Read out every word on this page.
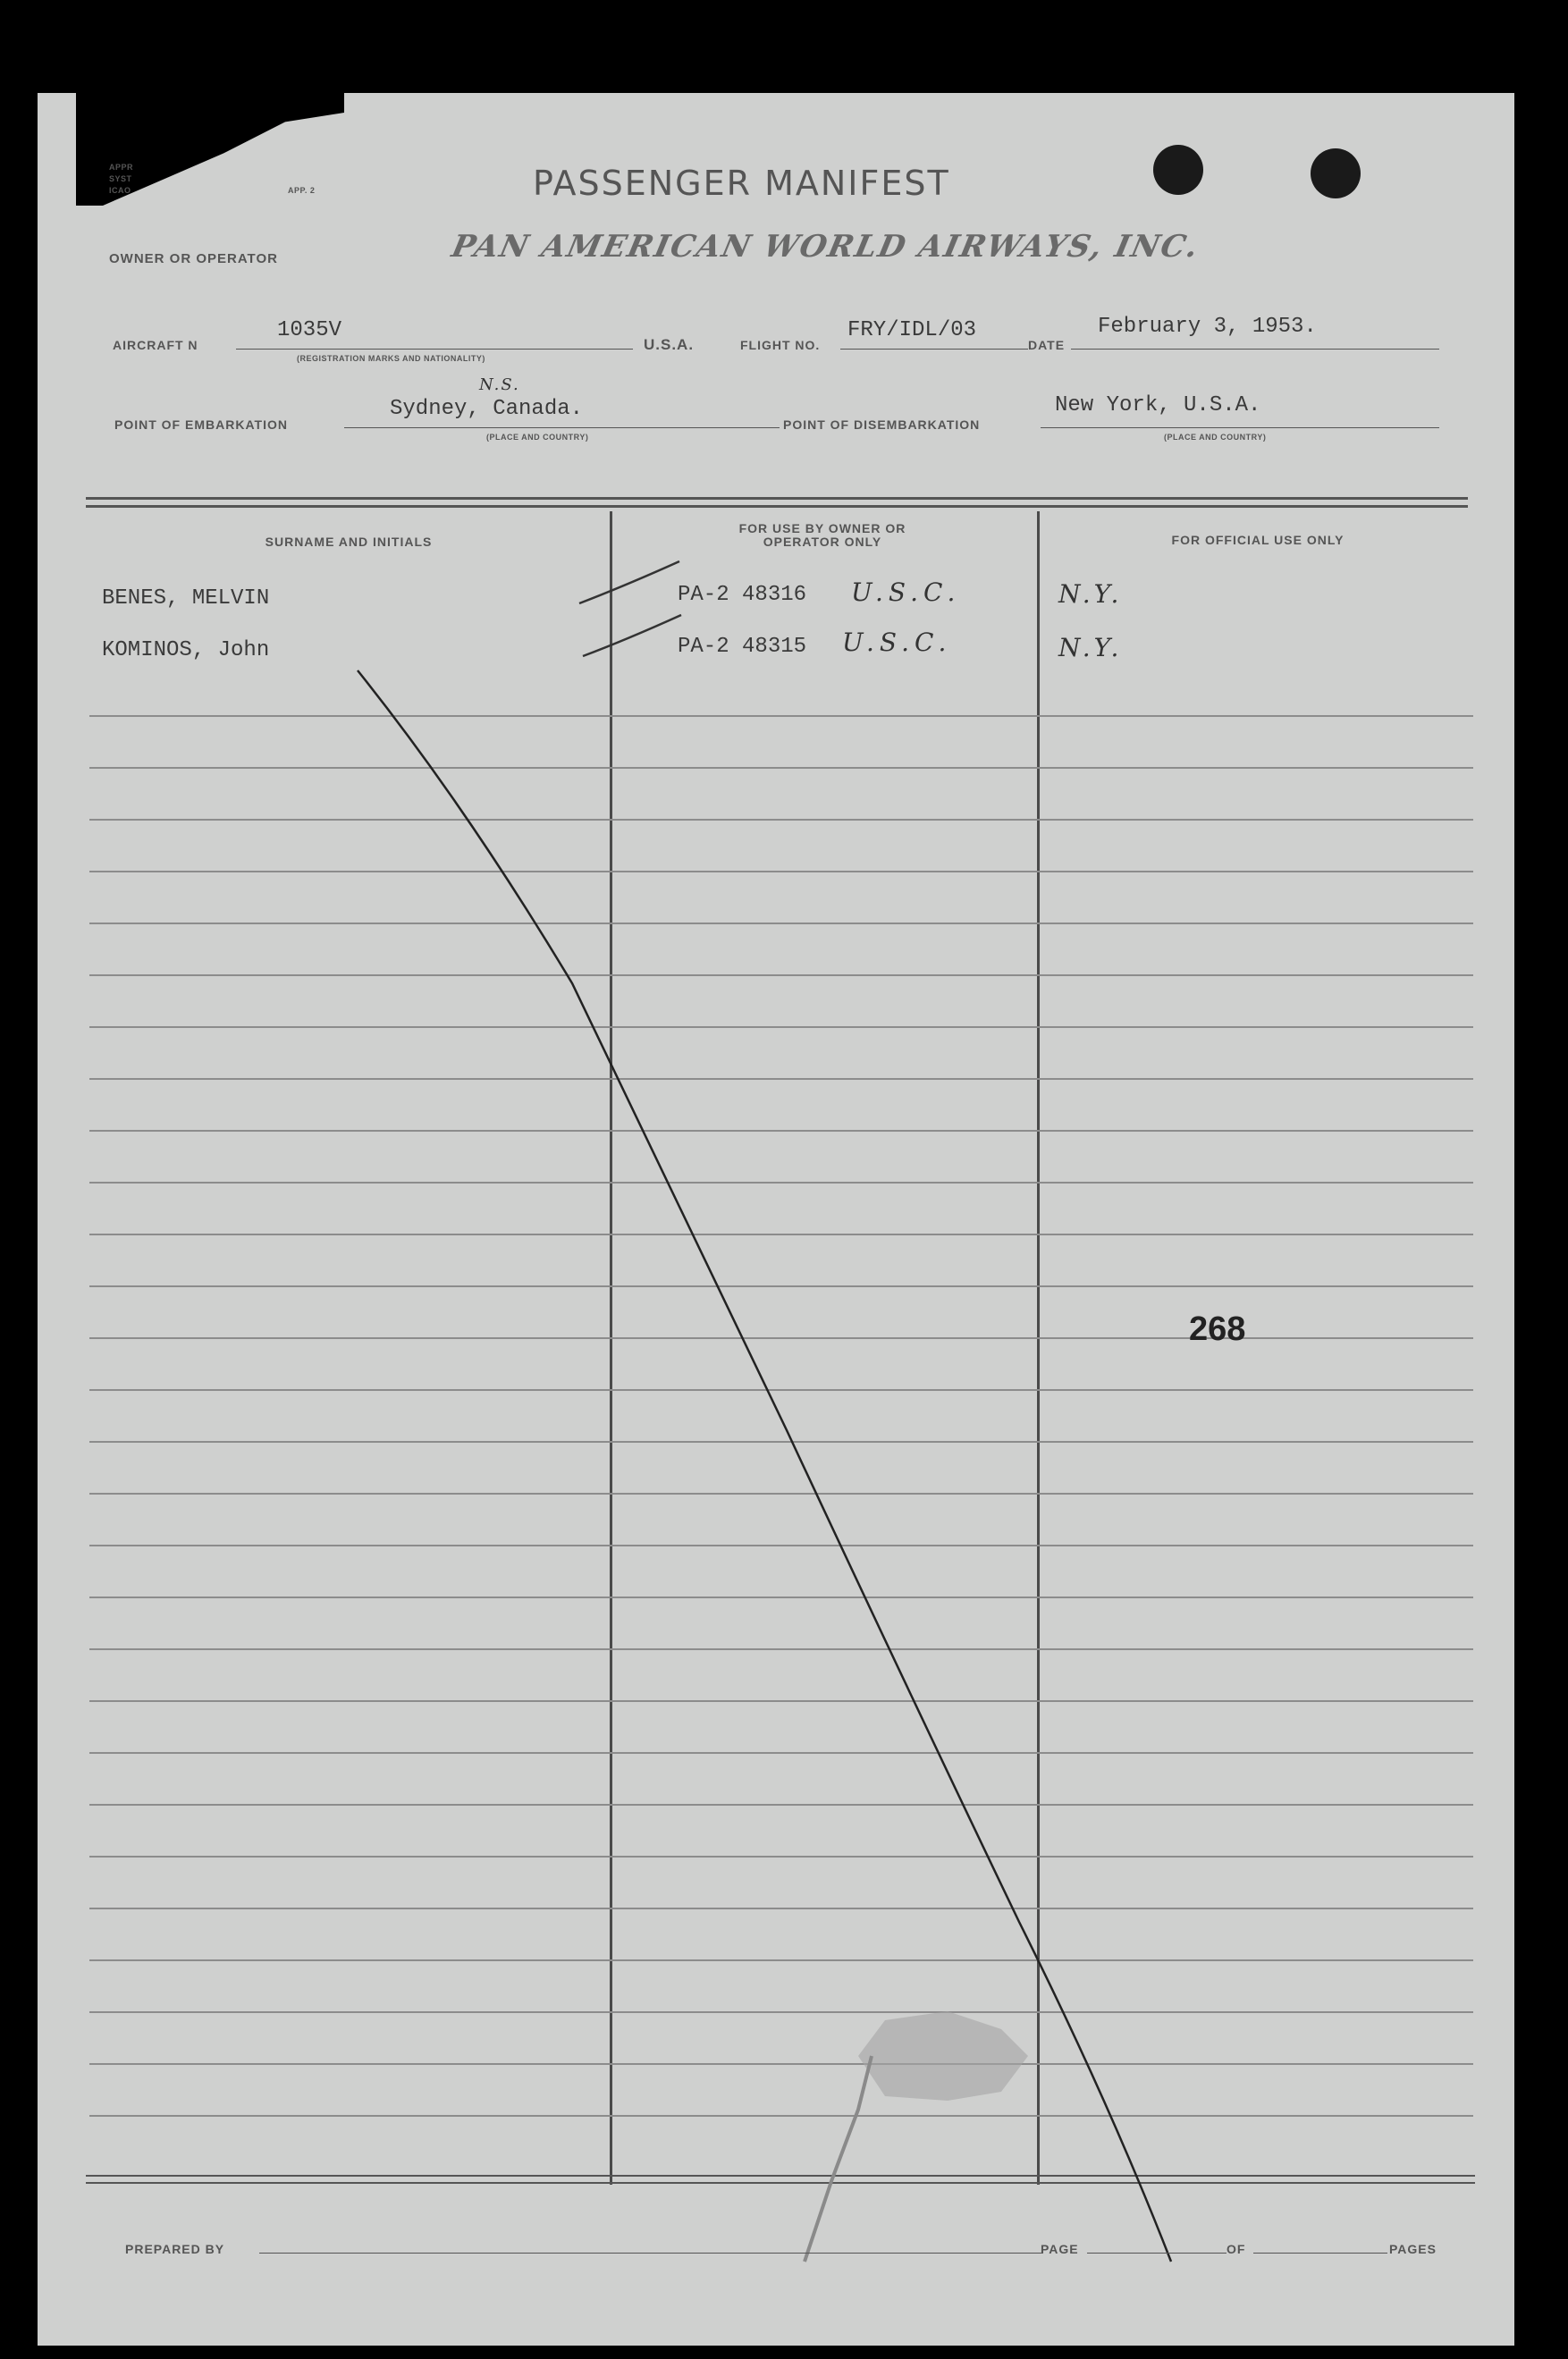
APPR
SYST
ICAO	APP. 2	PASSENGER MANIFEST
OWNER OR OPERATOR	PAN AMERICAN WORLD AIRWAYS, INC.
AIRCRAFT N
1035V
(REGISTRATION MARKS AND NATIONALITY)
U.S.A.	FLIGHT NO.
FRY/IDL/03
DATE
February 3, 1953.
POINT OF EMBARKATION
Sydney, Canada.
N.S.
(PLACE AND COUNTRY)
POINT OF DISEMBARKATION
New York, U.S.A.
(PLACE AND COUNTRY)
SURNAME AND INITIALS
FOR USE BY OWNER OR OPERATOR ONLY	FOR OFFICIAL USE ONLY
BENES, MELVIN	PA-2 48316 U.S.C.	N.Y.
KOMINOS, John	PA-2 48315 U.S.C.	N.Y.
268
PREPARED BY	PAGE	OF	PAGES
